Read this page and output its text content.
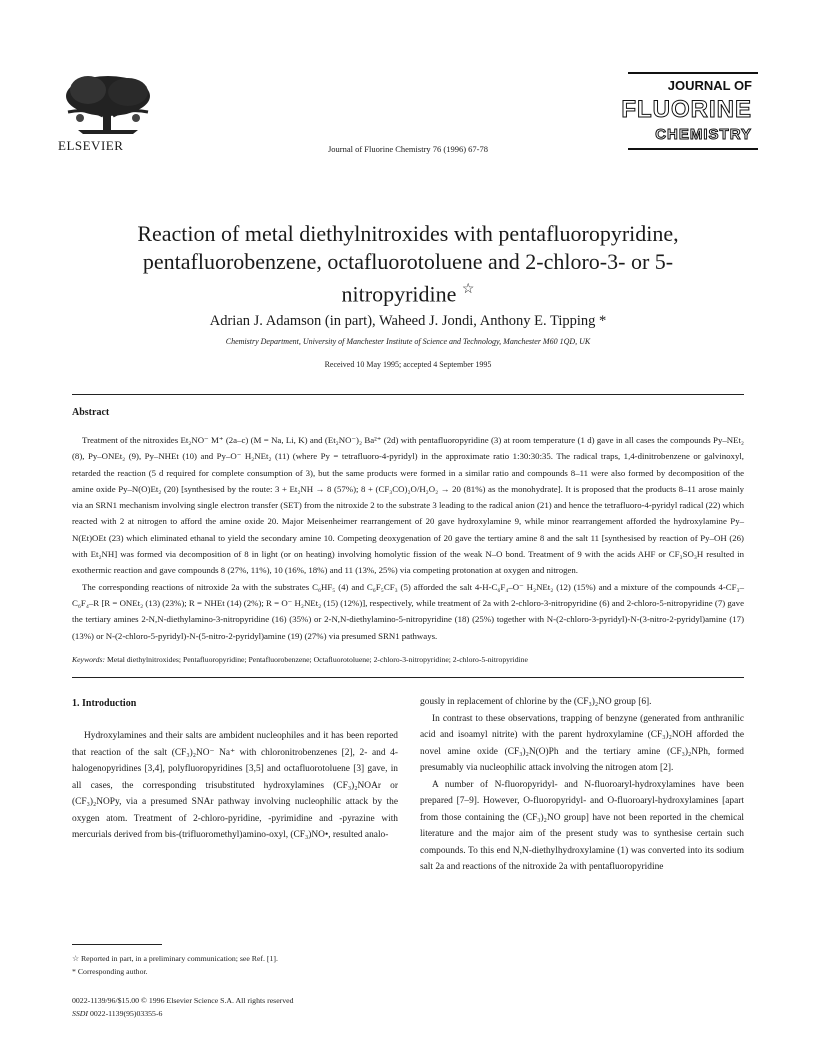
ELSEVIER	Journal of Fluorine Chemistry 76 (1996) 67-78
JOURNAL OF
FLUORINE
CHEMISTRY
Reaction of metal diethylnitroxides with pentafluoropyridine, pentafluorobenzene, octafluorotoluene and 2-chloro-3- or 5-nitropyridine ☆
Adrian J. Adamson (in part), Waheed J. Jondi, Anthony E. Tipping *
Chemistry Department, University of Manchester Institute of Science and Technology, Manchester M60 1QD, UK
Received 10 May 1995; accepted 4 September 1995
Abstract

Treatment of the nitroxides Et₂NO⁻ M⁺ (2a–c) (M = Na, Li, K) and (Et₂NO⁻)₂ Ba²⁺ (2d) with pentafluoropyridine (3) at room temperature (1 d) gave in all cases the compounds Py–NEt₂ (8), Py–ONEt₂ (9), Py–NHEt (10) and Py–O⁻ H₂NEt₂ (11) (where Py = tetrafluoro-4-pyridyl) in the approximate ratio 1:30:30:35. The radical traps, 1,4-dinitrobenzene or galvinoxyl, retarded the reaction (5 d required for complete consumption of 3), but the same products were formed in a similar ratio and compounds 8–11 were also formed by decomposition of the amine oxide Py–N(O)Et₂ (20) [synthesised by the route: 3 + Et₂NH → 8 (57%); 8 + (CF₃CO)₂O/H₂O₂ → 20 (81%) as the monohydrate]. It is proposed that the products 8–11 arose mainly via an SRN1 mechanism involving single electron transfer (SET) from the nitroxide 2 to the substrate 3 leading to the radical anion (21) and hence the tetrafluoro-4-pyridyl radical (22) which reacted with 2 at nitrogen to afford the amine oxide 20. Major Meisenheimer rearrangement of 20 gave hydroxylamine 9, while minor rearrangement afforded the hydroxylamine Py–N(Et)OEt (23) which eliminated ethanal to yield the secondary amine 10. Competing deoxygenation of 20 gave the tertiary amine 8 and the salt 11 [synthesised by reaction of Py–OH (26) with Et₂NH] was formed via decomposition of 8 in light (or on heating) involving homolytic fission of the weak N–O bond. Treatment of 9 with the acids AHF or CF₃SO₃H resulted in exothermic reaction and gave compounds 8 (27%, 11%), 10 (16%, 18%) and 11 (13%, 25%) via competing protonation at oxygen and nitrogen.

The corresponding reactions of nitroxide 2a with the substrates C₆HF₅ (4) and C₆F₅CF₃ (5) afforded the salt 4-H-C₆F₄–O⁻ H₂NEt₂ (12) (15%) and a mixture of the compounds 4-CF₃–C₆F₄–R [R = ONEt₂ (13) (23%); R = NHEt (14) (2%); R = O⁻ H₂NEt₂ (15) (12%)], respectively, while treatment of 2a with 2-chloro-3-nitropyridine (6) and 2-chloro-5-nitropyridine (7) gave the tertiary amines 2-N,N-diethylamino-3-nitropyridine (16) (35%) or 2-N,N-diethylamino-5-nitropyridine (18) (25%) together with N-(2-chloro-3-pyridyl)-N-(3-nitro-2-pyridyl)amine (17) (13%) or N-(2-chloro-5-pyridyl)-N-(5-nitro-2-pyridyl)amine (19) (27%) via presumed SRN1 pathways.

Keywords: Metal diethylnitroxides; Pentafluoropyridine; Pentafluorobenzene; Octafluorotoluene; 2-chloro-3-nitropyridine; 2-chloro-5-nitropyridine
1. Introduction

Hydroxylamines and their salts are ambident nucleophiles and it has been reported that reaction of the salt (CF₃)₂NO⁻ Na⁺ with chloronitrobenzenes [2], 2- and 4-halogenopyridines [3,4], polyfluoropyridines [3,5] and octafluorotoluene [3] gave, in all cases, the corresponding trisubstituted hydroxylamines (CF₃)₂NOAr or (CF₃)₂NOPy, via a presumed SNAr pathway involving nucleophilic attack by the oxygen atom. Treatment of 2-chloro-pyridine, -pyrimidine and -pyrazine with mercurials derived from bis-(trifluoromethyl)amino-oxyl, (CF₃)NO•, resulted analo-

gously in replacement of chlorine by the (CF₃)₂NO group [6].

In contrast to these observations, trapping of benzyne (generated from anthranilic acid and isoamyl nitrite) with the parent hydroxylamine (CF₃)₂NOH afforded the novel amine oxide (CF₃)₂N(O)Ph and the tertiary amine (CF₃)₂NPh, formed presumably via nucleophilic attack involving the nitrogen atom [2].

A number of N-fluoropyridyl- and N-fluoroaryl-hydroxylamines have been prepared [7–9]. However, O-fluoropyridyl- and O-fluoroaryl-hydroxylamines [apart from those containing the (CF₃)₂NO group] have not been reported in the chemical literature and the major aim of the present study was to synthesise certain such compounds. To this end N,N-diethylhydroxylamine (1) was converted into its sodium salt 2a and reactions of the nitroxide 2a with pentafluoropyridine

☆ Reported in part, in a preliminary communication; see Ref. [1].
* Corresponding author.
0022-1139/96/$15.00 © 1996 Elsevier Science S.A. All rights reserved
SSDI 0022-1139(95)03355-6
